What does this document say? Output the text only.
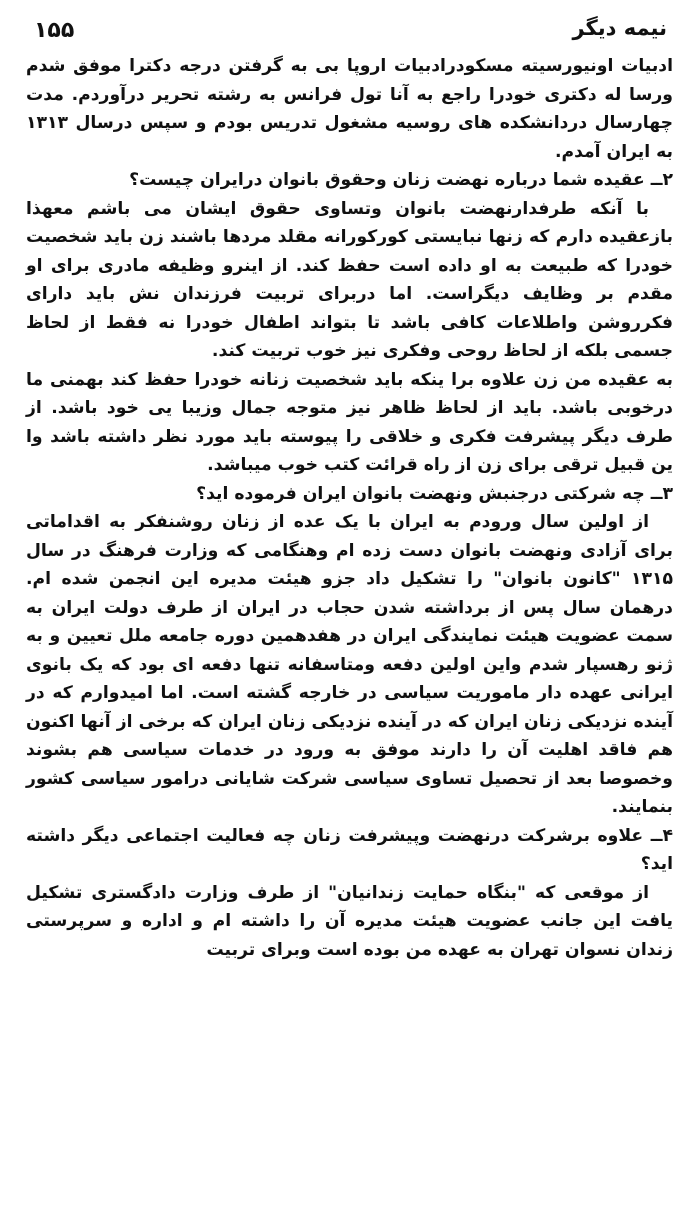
۱۵۵	نیمه دیگر

ادبیات اونیورسیته مسکودرادبیات اروپا بی به گرفتن درجه دکترا موفق شدم ورسا له دکتری خودرا راجع به آنا تول فرانس به رشته تحریر درآوردم. مدت چهارسال دردانشکده های روسیه مشغول تدریس بودم و سپس درسال ۱۳۱۳ به ایران آمدم.

۲ــ عقیده شما درباره نهضت زنان وحقوق بانوان درایران چیست؟

با آنکه طرفدارنهضت بانوان وتساوی حقوق ایشان می باشم معهذا بازعقیده دارم که زنها نبایستی کورکورانه مقلد مردها باشند زن باید شخصیت خودرا که طبیعت به او داده است حفظ کند. از اینرو وظیفه مادری برای او مقدم بر وظایف دیگراست. اما دربرای تربیت فرزندان نش باید دارای فکرروشن واطلاعات کافی باشد تا بتواند اطفال خودرا نه فقط از لحاظ جسمی بلکه از لحاظ روحی وفکری نیز خوب تربیت کند.

به عقیده من زن علاوه برا ینکه باید شخصیت زنانه خودرا حفظ کند بهمنی ما درخوبی باشد. باید از لحاظ ظاهر نیز متوجه جمال وزیبا یی خود باشد. از طرف دیگر پیشرفت فکری و خلاقی را پیوسته باید مورد نظر داشته باشد وا ین قبیل ترقی برای زن از راه قرائت کتب خوب میباشد.

۳ــ چه شرکتی درجنبش ونهضت بانوان ایران فرموده اید؟

از اولین سال ورودم به ایران با یک عده از زنان روشنفکر به اقداماتی برای آزادی ونهضت بانوان دست زده ام وهنگامی که وزارت فرهنگ در سال ۱۳۱۵ "کانون بانوان" را تشکیل داد جزو هیئت مدیره این انجمن شده ام. درهمان سال پس از برداشته شدن حجاب در ایران از طرف دولت ایران به سمت عضویت هیئت نمایندگی ایران در هفدهمین دوره جامعه ملل تعیین و به ژنو رهسپار شدم واین اولین دفعه ومتاسفانه تنها دفعه ای بود که یک بانوی ایرانی عهده دار ماموریت سیاسی در خارجه گشته است. اما امیدوارم که در آینده نزدیکی زنان ایران که در آینده نزدیکی زنان ایران که برخی از آنها اکنون هم فاقد اهلیت آن را دارند موفق به ورود در خدمات سیاسی هم بشوند وخصوصا بعد از تحصیل تساوی سیاسی شرکت شایانی درامور سیاسی کشور بنمایند.

۴ــ علاوه برشرکت درنهضت وپیشرفت زنان چه فعالیت اجتماعی دیگر داشته اید؟

از موقعی که "بنگاه حمایت زندانیان" از طرف وزارت دادگستری تشکیل یافت این جانب عضویت هیئت مدیره آن را داشته ام و اداره و سرپرستی زندان نسوان تهران به عهده من بوده است وبرای تربیت
